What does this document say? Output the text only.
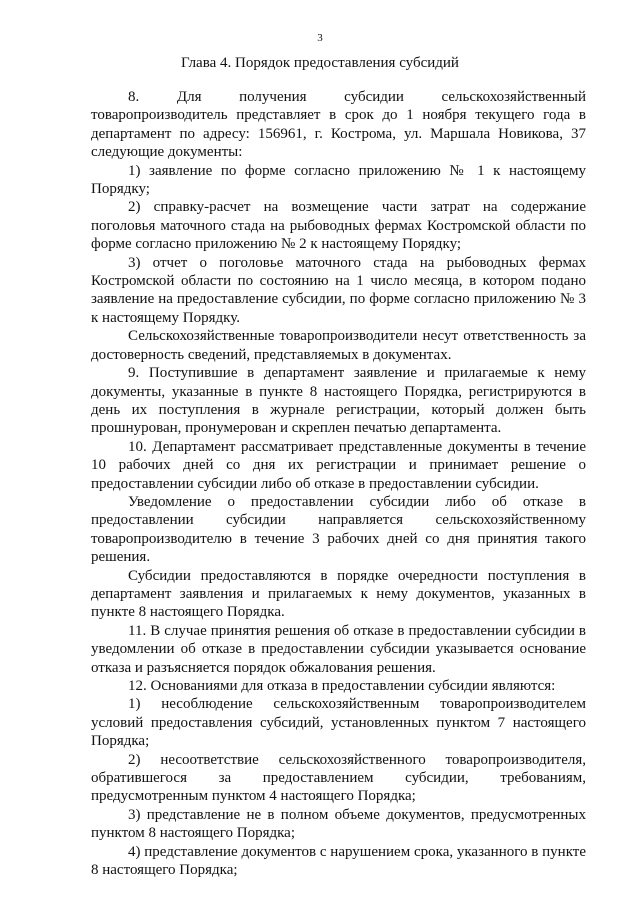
3
Глава 4. Порядок предоставления субсидий

8. Для получения субсидии сельскохозяйственный товаропроизводитель представляет в срок до 1 ноября текущего года в департамент по адресу: 156961, г. Кострома, ул. Маршала Новикова, 37 следующие документы:

1) заявление по форме согласно приложению № 1 к настоящему Порядку;

2) справку-расчет на возмещение части затрат на содержание поголовья маточного стада на рыбоводных фермах Костромской области по форме согласно приложению № 2 к настоящему Порядку;

3) отчет о поголовье маточного стада на рыбоводных фермах Костромской области по состоянию на 1 число месяца, в котором подано заявление на предоставление субсидии, по форме согласно приложению № 3 к настоящему Порядку.

Сельскохозяйственные товаропроизводители несут ответственность за достоверность сведений, представляемых в документах.

9. Поступившие в департамент заявление и прилагаемые к нему документы, указанные в пункте 8 настоящего Порядка, регистрируются в день их поступления в журнале регистрации, который должен быть прошнурован, пронумерован и скреплен печатью департамента.

10. Департамент рассматривает представленные документы в течение 10 рабочих дней со дня их регистрации и принимает решение о предоставлении субсидии либо об отказе в предоставлении субсидии.

Уведомление о предоставлении субсидии либо об отказе в предоставлении субсидии направляется сельскохозяйственному товаропроизводителю в течение 3 рабочих дней со дня принятия такого решения.

Субсидии предоставляются в порядке очередности поступления в департамент заявления и прилагаемых к нему документов, указанных в пункте 8 настоящего Порядка.

11. В случае принятия решения об отказе в предоставлении субсидии в уведомлении об отказе в предоставлении субсидии указывается основание отказа и разъясняется порядок обжалования решения.

12. Основаниями для отказа в предоставлении субсидии являются:

1) несоблюдение сельскохозяйственным товаропроизводителем условий предоставления субсидий, установленных пунктом 7 настоящего Порядка;

2) несоответствие сельскохозяйственного товаропроизводителя, обратившегося за предоставлением субсидии, требованиям, предусмотренным пунктом 4 настоящего Порядка;

3) представление не в полном объеме документов, предусмотренных пунктом 8 настоящего Порядка;

4) представление документов с нарушением срока, указанного в пункте 8 настоящего Порядка;
